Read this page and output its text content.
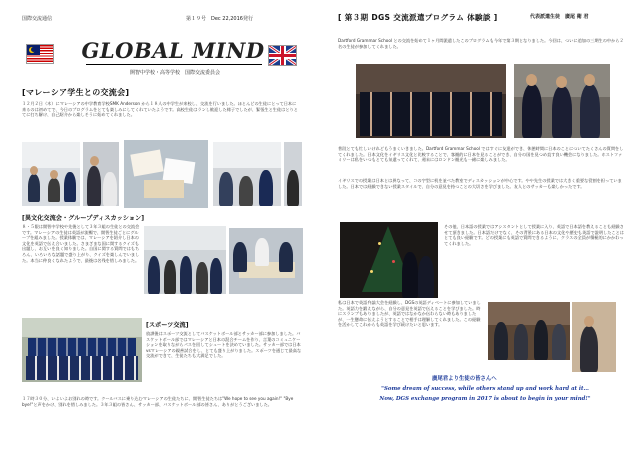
国際交流通信	第１９号　Dec 22,2016発行
GLOBAL MIND
開智中学校・高等学校　国際交流委員会
[マレーシア学生との交流会]

１２月２日（木）にマレーシアの中学教育学校SMK Anderson から１８人の中学生が来校し、交流を行いました。ほとんどの生徒にとって日本に来るのは初めてで、今日のプログラムをとても楽しみにしてくれていたようです。高校生徒はランし歓迎した様子でしたが、緊張生と生徒はとりとてに打ち解け、自己紹介から楽しそうに始めてくれました。

[異文化交流会・グループディスカッション]

８・５限は開智中学校や先後として３年３組の生徒との交流会です。マレーシアの生徒は英語が流暢で、開智生徒ごとにグループを組みました。授業体験では、マレーシアを紹介し日本の文化を英語で伝え合いました。さまざまな国に関するクイズも出題し、お互いを良く知りました。自国に関する質問ではもちろん、いろいろな話題で盛り上がり、クイズを楽しんでいました。本当に仲良くなれたようで、最後は名残を惜しみました。

[スポーツ交流]

放課後はスポーツ交流としてバスケットボール部とサッカー部に参加しました。バスケットボール部ではマレーシアと日本の混合チームを作り、言葉のコミュニケーションを取りながらパスを回してシュートを決めていました。サッカー部では日本vsマレーシアの親善試合をし、とても盛り上がりました。スポーツを通じて最高な交流ができて、生徒たちも大満足でした。

１７時３０分、いよいよお別れの時です。クールバスに乗り込むマレーシアの生徒たちに、開智生徒たちは"We hope to see you again!" "Bye bye!"と声をかけ、別れを惜しみました。３年３組の皆さん、サッカー部、バスケットボール部の皆さん、ありがとうございました。

[ 第３期 DGS 交流派遣プログラム 体験談 ]	代表派遣生徒　廣尾 衛 君

Dartford Grammar School との交流を始めて１ヶ月間派遣したこのプログラムも今年で第３期となりました。今回は、ついに追加の三期生の中から２名の生徒が参加してくれました。

普段とても忙しいけれどもうまくいきました。Dartford Grammar School ではすぐに友達ができ、休憩時間に日本のことについてたくさんの質問をしてくれました。日本文化をイギリス文化と比較することで、客観的に日本を見ることができ、自分の国を見つめ直す良い機会になりました。ホストファミリーは私をいつもとても気遣ってくれて、週末にはロンドン観光も一緒に楽しみました。

イギリスでの授業は日本とは異なって、コの字型に机を並べた教室でディスカッションが中心です。やや先生の授業では大きく重要な役割を担っていました。日本では経験できない授業スタイルで、自分の意見を持つことの大切さを学びました。友人とのサッカーも楽しかったです。

その他、日本語の授業ではアシスタントとして授業に入り、英語で日本語を教えることも経験させて頂きました。日本語だけでなく、その背景にある日本の文化や歴史も英語で説明したことはとても良い経験です。どの授業にも英語で質問できるように、クラスの全員が積極的にかかわってくれました。

私は日本で英語弁論大会を経験し、DGSの英語ディベートに参加していました。英語力を鍛えながら、自分の意見を英語で伝えることを学びました。時にスランプもありましたが、英語ではなかなか伝わらない時もありましたが、一生懸命に伝えようとすることで相手は理解してくれました。この経験を活かしてこれからも英語を学び続けたいと思います。

廣尾君より生徒の皆さんへ
"Some dream of success, while others stand up and work hard at it…
Now, DGS exchange program in 2017 is about to begin in your mind!"
